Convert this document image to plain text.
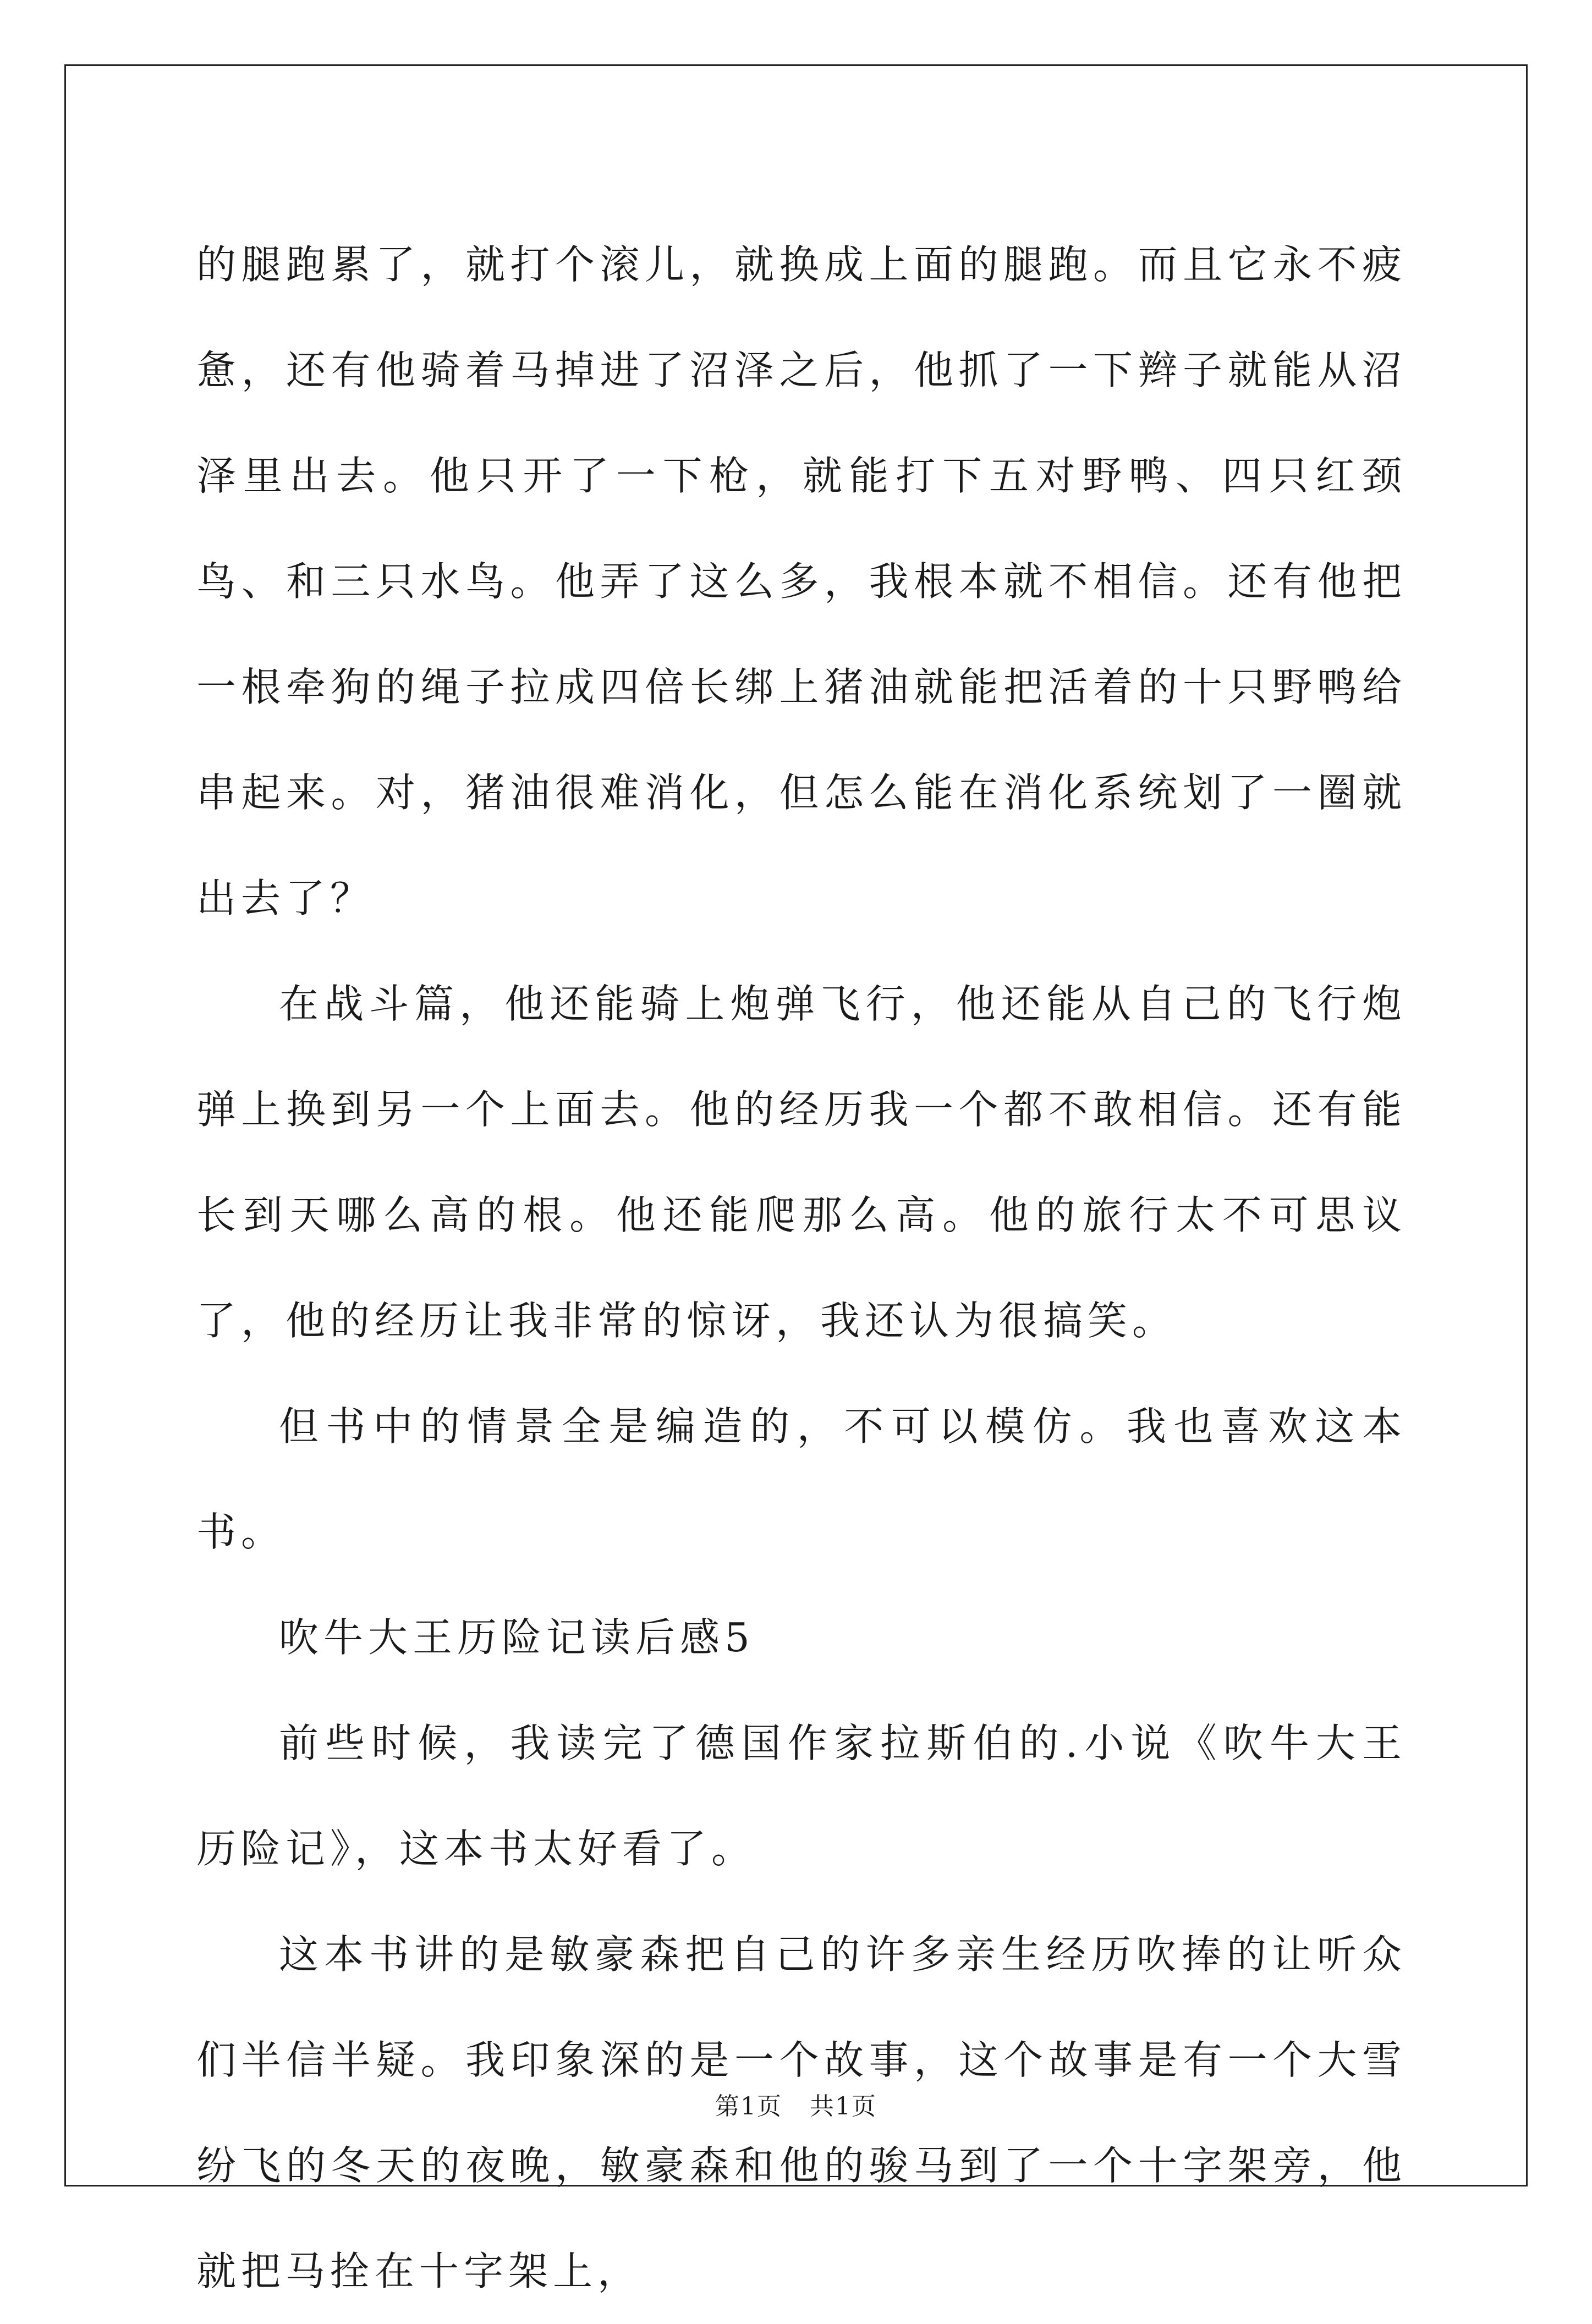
的腿跑累了，就打个滚儿，就换成上面的腿跑。而且它永不疲惫，还有他骑着马掉进了沼泽之后，他抓了一下辫子就能从沼泽里出去。他只开了一下枪，就能打下五对野鸭、四只红颈鸟、和三只水鸟。他弄了这么多，我根本就不相信。还有他把一根牵狗的绳子拉成四倍长绑上猪油就能把活着的十只野鸭给串起来。对，猪油很难消化，但怎么能在消化系统划了一圈就出去了？

在战斗篇，他还能骑上炮弹飞行，他还能从自己的飞行炮弹上换到另一个上面去。他的经历我一个都不敢相信。还有能长到天哪么高的根。他还能爬那么高。他的旅行太不可思议了，他的经历让我非常的惊讶，我还认为很搞笑。

但书中的情景全是编造的，不可以模仿。我也喜欢这本书。

吹牛大王历险记读后感5

前些时候，我读完了德国作家拉斯伯的.小说《吹牛大王历险记》，这本书太好看了。

这本书讲的是敏豪森把自己的许多亲生经历吹捧的让听众们半信半疑。我印象深的是一个故事，这个故事是有一个大雪纷飞的冬天的夜晚，敏豪森和他的骏马到了一个十字架旁，他就把马拴在十字架上，

第1页 共1页
